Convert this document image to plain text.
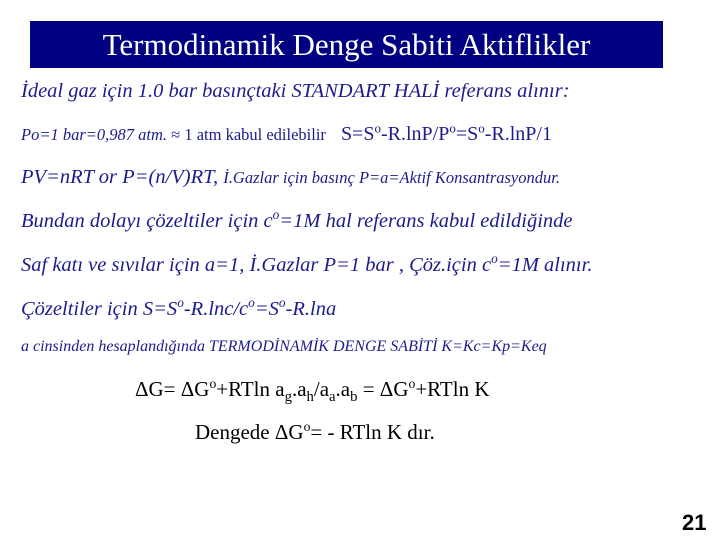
Termodinamik Denge Sabiti Aktiflikler
İdeal gaz için 1.0 bar basınçtaki STANDART HALİ referans alınır:
Po=1 bar=0,987 atm. ≈ 1 atm kabul edilebilir $S=S^o-R.\ln P/P^o=S^o-R.\ln P/1$
PV=nRT or P=(n/V)RT, İ.Gazlar için basınç P=a=Aktif Konsantrasyondur.
Bundan dolayı çözeltiler için $c^o=1M$ hal referans kabul edildiğinde
Saf katı ve sıvılar için a=1, İ.Gazlar P=1 bar , Çöz.için $c^o=1M$ alınır.
Çözeltiler için $S=S^o-R.\ln c/c^o=S^o-R.\ln a$
a cinsinden hesaplandığında TERMODİNAMİK DENGE SABİTİ K=Kc=Kp=Keq
$\Delta G= \Delta G^o+RTln$ $a_g.a_h/a_a.a_b = \Delta G^o+RTln$ K
Dengede $\Delta G^o= - RTln$ K dır.
21
